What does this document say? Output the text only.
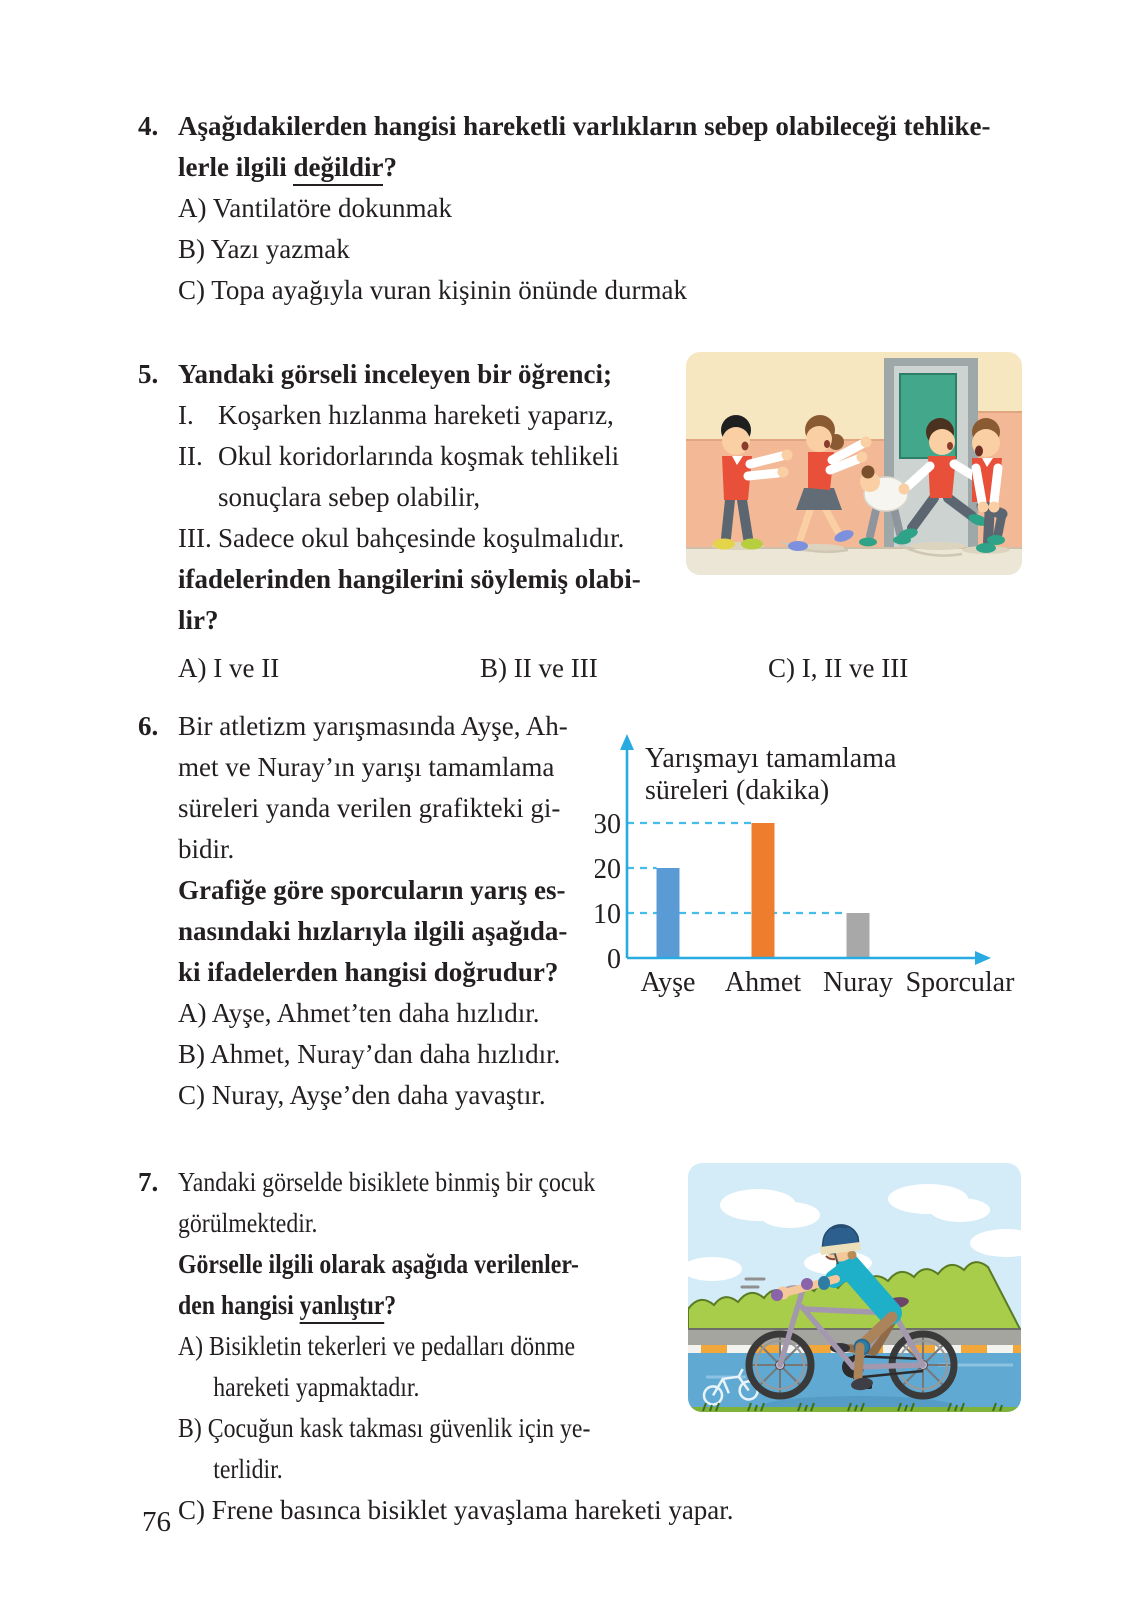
4. Aşağıdakilerden hangisi hareketli varlıkların sebep olabileceği tehlike-
lerle ilgili değildir?
A) Vantilatöre dokunmak
B) Yazı yazmak
C) Topa ayağıyla vuran kişinin önünde durmak
5. Yandaki görseli inceleyen bir öğrenci;
I. Koşarken hızlanma hareketi yaparız,
II. Okul koridorlarında koşmak tehlikeli
sonuçlara sebep olabilir,
III. Sadece okul bahçesinde koşulmalıdır.
ifadelerinden hangilerini söylemiş olabi-
lir?
A) I ve II	B) II ve III	C) I, II ve III
6. Bir atletizm yarışmasında Ayşe, Ah-
met ve Nuray’ın yarışı tamamlama
süreleri yanda verilen grafikteki gi-
bidir.
Grafiğe göre sporcuların yarış es-
nasındaki hızlarıyla ilgili aşağıda-
ki ifadelerden hangisi doğrudur?
A) Ayşe, Ahmet’ten daha hızlıdır.
B) Ahmet, Nuray’dan daha hızlıdır.
C) Nuray, Ayşe’den daha yavaştır.
0
10
20
30
Ayşe Ahmet Nuray Sporcular
Yarışmayı tamamlama
süreleri (dakika)
7. Yandaki görselde bisiklete binmiş bir çocuk
görülmektedir.
Görselle ilgili olarak aşağıda verilenler-
den hangisi yanlıştır?
A) Bisikletin tekerleri ve pedalları dönme
hareketi yapmaktadır.
B) Çocuğun kask takması güvenlik için ye-
terlidir.
C) Frene basınca bisiklet yavaşlama hareketi yapar.
76
